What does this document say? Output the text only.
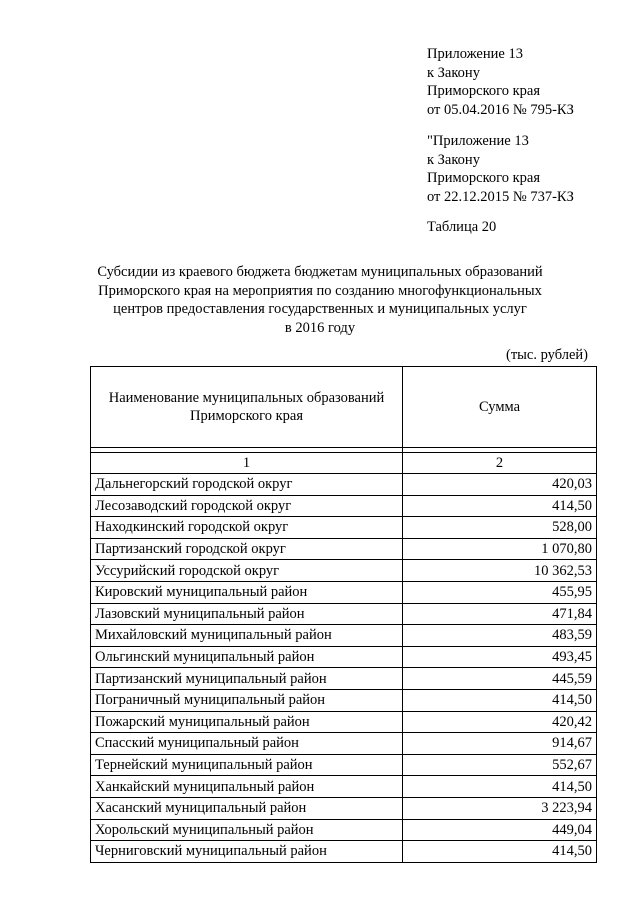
Приложение 13
к Закону
Приморского края
от 05.04.2016 № 795-КЗ
"Приложение 13
к Закону
Приморского края
от 22.12.2015 № 737-КЗ
Таблица 20
Субсидии из краевого бюджета бюджетам муниципальных образований
Приморского края на мероприятия по созданию многофункциональных
центров предоставления государственных и муниципальных услуг
в 2016 году
(тыс. рублей)
Наименование муниципальных образований
Приморского края	Сумма

1	2
Дальнегорский городской округ	420,03
Лесозаводский городской округ	414,50
Находкинский городской округ	528,00
Партизанский городской округ	1 070,80
Уссурийский городской округ	10 362,53
Кировский муниципальный район	455,95
Лазовский муниципальный район	471,84
Михайловский муниципальный район	483,59
Ольгинский муниципальный район	493,45
Партизанский муниципальный район	445,59
Пограничный муниципальный район	414,50
Пожарский муниципальный район	420,42
Спасский муниципальный район	914,67
Тернейский муниципальный район	552,67
Ханкайский муниципальный район	414,50
Хасанский муниципальный район	3 223,94
Хорольский муниципальный район	449,04
Черниговский муниципальный район	414,50
